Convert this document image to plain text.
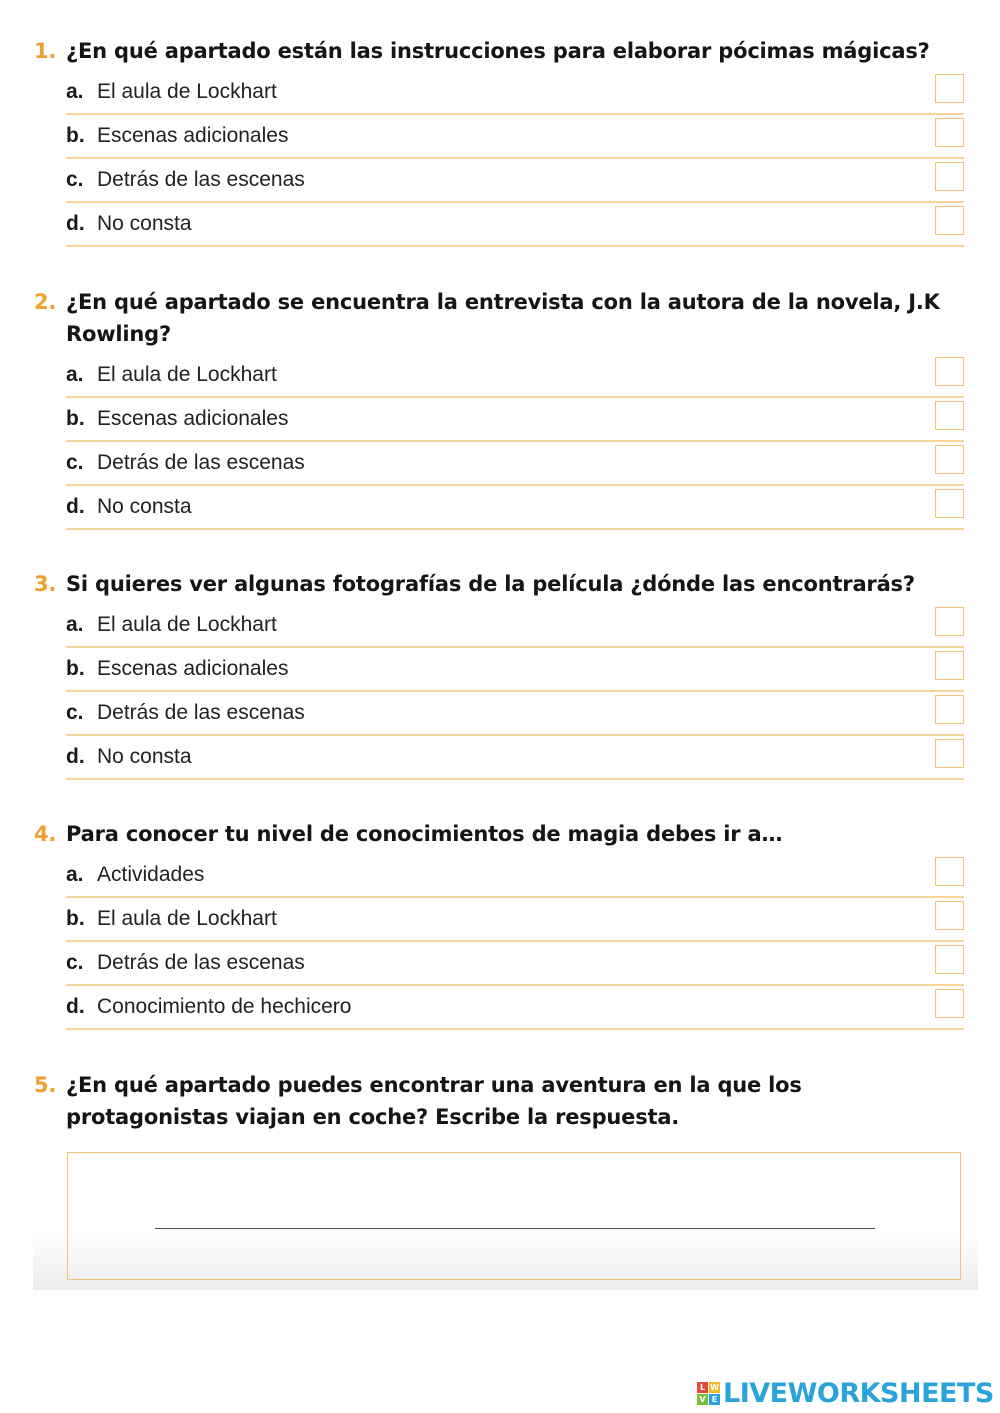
1. ¿En qué apartado están las instrucciones para elaborar pócimas mágicas?
a. El aula de Lockhart
b. Escenas adicionales
c. Detrás de las escenas
d. No consta
2. ¿En qué apartado se encuentra la entrevista con la autora de la novela, J.K Rowling?
a. El aula de Lockhart
b. Escenas adicionales
c. Detrás de las escenas
d. No consta
3. Si quieres ver algunas fotografías de la película ¿dónde las encontrarás?
a. El aula de Lockhart
b. Escenas adicionales
c. Detrás de las escenas
d. No consta
4. Para conocer tu nivel de conocimientos de magia debes ir a…
a. Actividades
b. El aula de Lockhart
c. Detrás de las escenas
d. Conocimiento de hechicero
5. ¿En qué apartado puedes encontrar una aventura en la que los protagonistas viajan en coche? Escribe la respuesta.
L W
V E LIVEWORKSHEETS
